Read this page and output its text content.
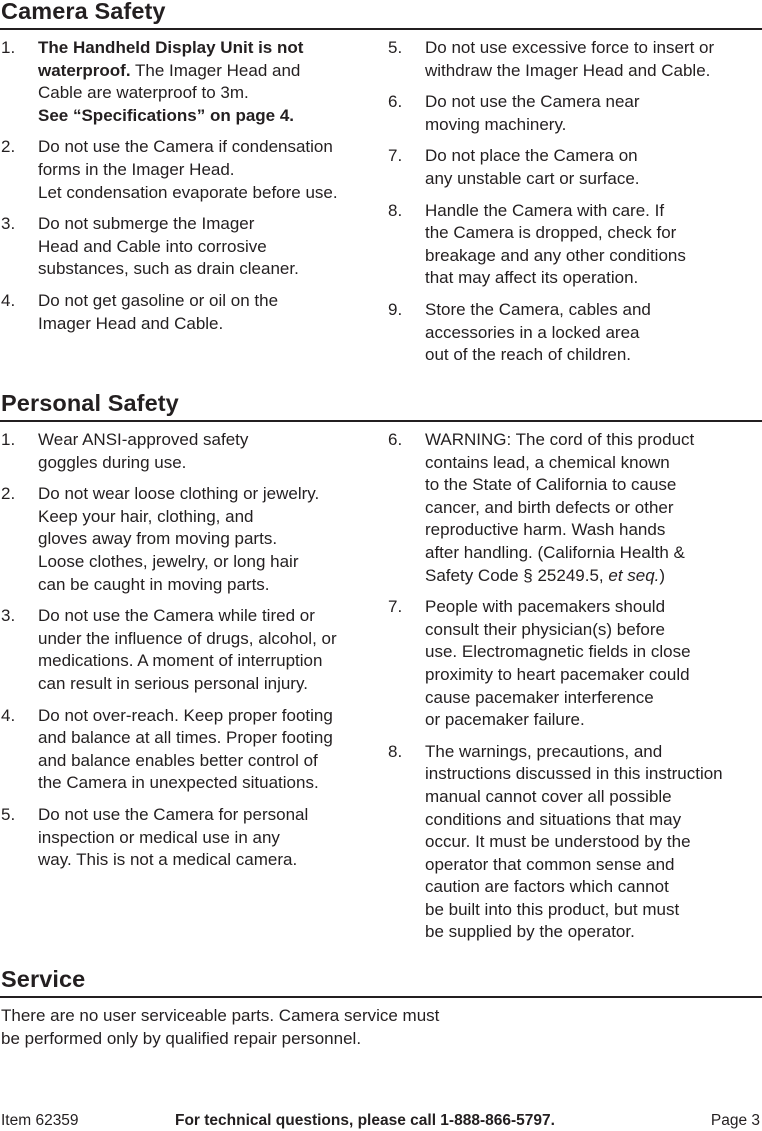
Camera Safety
1. The Handheld Display Unit is not
waterproof. The Imager Head and
Cable are waterproof to 3m.
See “Specifications” on page 4.
2. Do not use the Camera if condensation
forms in the Imager Head.
Let condensation evaporate before use.
3. Do not submerge the Imager
Head and Cable into corrosive
substances, such as drain cleaner.
4. Do not get gasoline or oil on the
Imager Head and Cable.
5. Do not use excessive force to insert or
withdraw the Imager Head and Cable.
6. Do not use the Camera near
moving machinery.
7. Do not place the Camera on
any unstable cart or surface.
8. Handle the Camera with care. If
the Camera is dropped, check for
breakage and any other conditions
that may affect its operation.
9. Store the Camera, cables and
accessories in a locked area
out of the reach of children.
Personal Safety
1. Wear ANSI-approved safety
goggles during use.
2. Do not wear loose clothing or jewelry.
Keep your hair, clothing, and
gloves away from moving parts.
Loose clothes, jewelry, or long hair
can be caught in moving parts.
3. Do not use the Camera while tired or
under the influence of drugs, alcohol, or
medications. A moment of interruption
can result in serious personal injury.
4. Do not over-reach. Keep proper footing
and balance at all times. Proper footing
and balance enables better control of
the Camera in unexpected situations.
5. Do not use the Camera for personal
inspection or medical use in any
way. This is not a medical camera.
6. WARNING: The cord of this product
contains lead, a chemical known
to the State of California to cause
cancer, and birth defects or other
reproductive harm. Wash hands
after handling. (California Health &
Safety Code § 25249.5, et seq.)
7. People with pacemakers should
consult their physician(s) before
use. Electromagnetic fields in close
proximity to heart pacemaker could
cause pacemaker interference
or pacemaker failure.
8. The warnings, precautions, and
instructions discussed in this instruction
manual cannot cover all possible
conditions and situations that may
occur. It must be understood by the
operator that common sense and
caution are factors which cannot
be built into this product, but must
be supplied by the operator.
Service

There are no user serviceable parts. Camera service must
be performed only by qualified repair personnel.

Item 62359	For technical questions, please call 1-888-866-5797.	Page 3
